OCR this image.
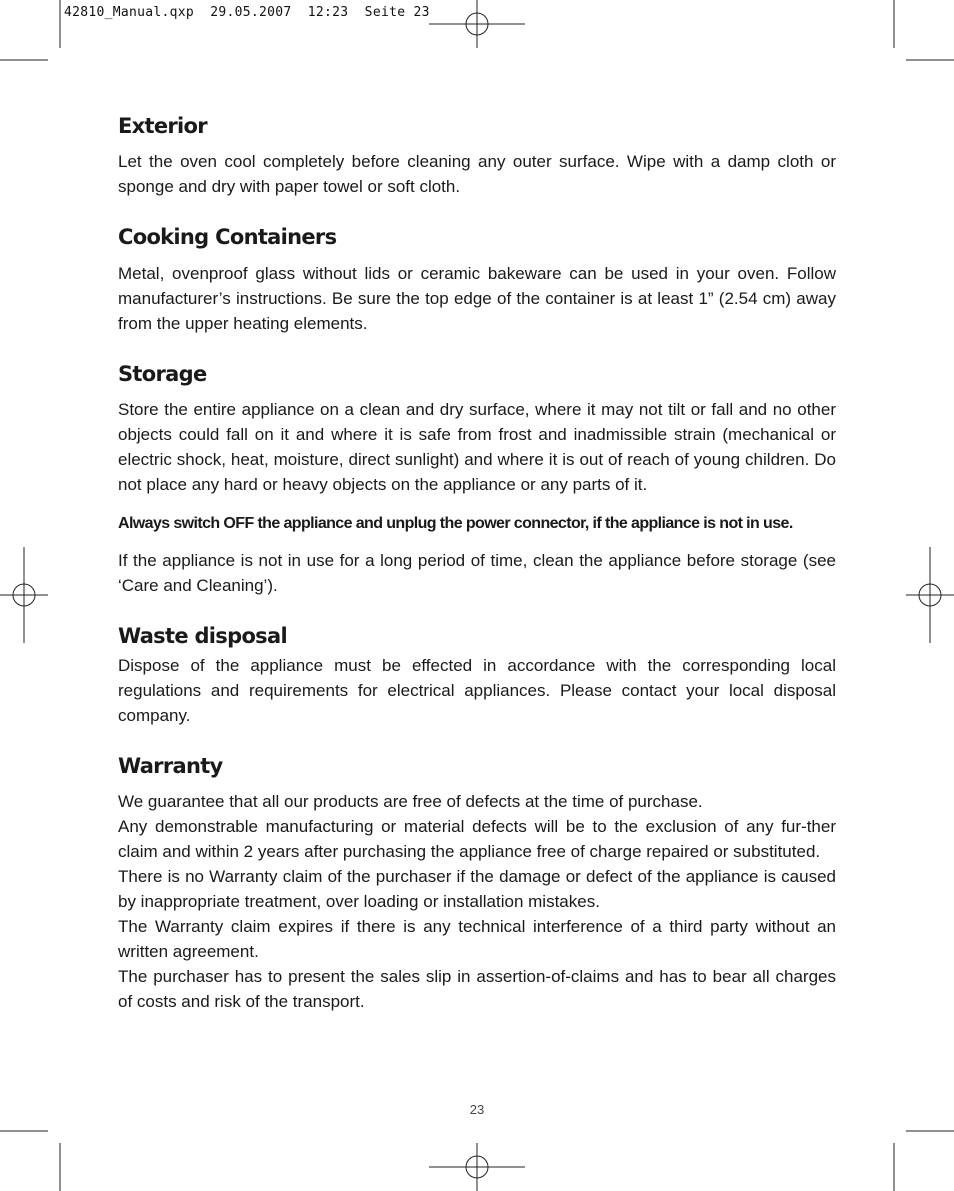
42810_Manual.qxp  29.05.2007  12:23  Seite 23
Exterior

Let the oven cool completely before cleaning any outer surface. Wipe with a damp cloth or sponge and dry with paper towel or soft cloth.

Cooking Containers

Metal, ovenproof glass without lids or ceramic bakeware can be used in your oven. Follow manufacturer’s instructions. Be sure the top edge of the container is at least 1” (2.54 cm) away from the upper heating elements.

Storage

Store the entire appliance on a clean and dry surface, where it may not tilt or fall and no other objects could fall on it and where it is safe from frost and inadmissible strain (mechanical or electric shock, heat, moisture, direct sunlight) and where it is out of reach of young children. Do not place any hard or heavy objects on the appliance or any parts of it.

Always switch OFF the appliance and unplug the power connector, if the appliance is not in use.

If the appliance is not in use for a long period of time, clean the appliance before storage (see ‘Care and Cleaning’).

Waste disposal

Dispose of the appliance must be effected in accordance with the corresponding local regulations and requirements for electrical appliances. Please contact your local disposal company.

Warranty

We guarantee that all our products are free of defects at the time of purchase.

Any demonstrable manufacturing or material defects will be to the exclusion of any fur-ther claim and within 2 years after purchasing the appliance free of charge repaired or substituted.

There is no Warranty claim of the purchaser if the damage or defect of the appliance is caused by inappropriate treatment, over loading or installation mistakes.

The Warranty claim expires if there is any technical interference of a third party without an written agreement.

The purchaser has to present the sales slip in assertion-of-claims and has to bear all charges of costs and risk of the transport.

23
